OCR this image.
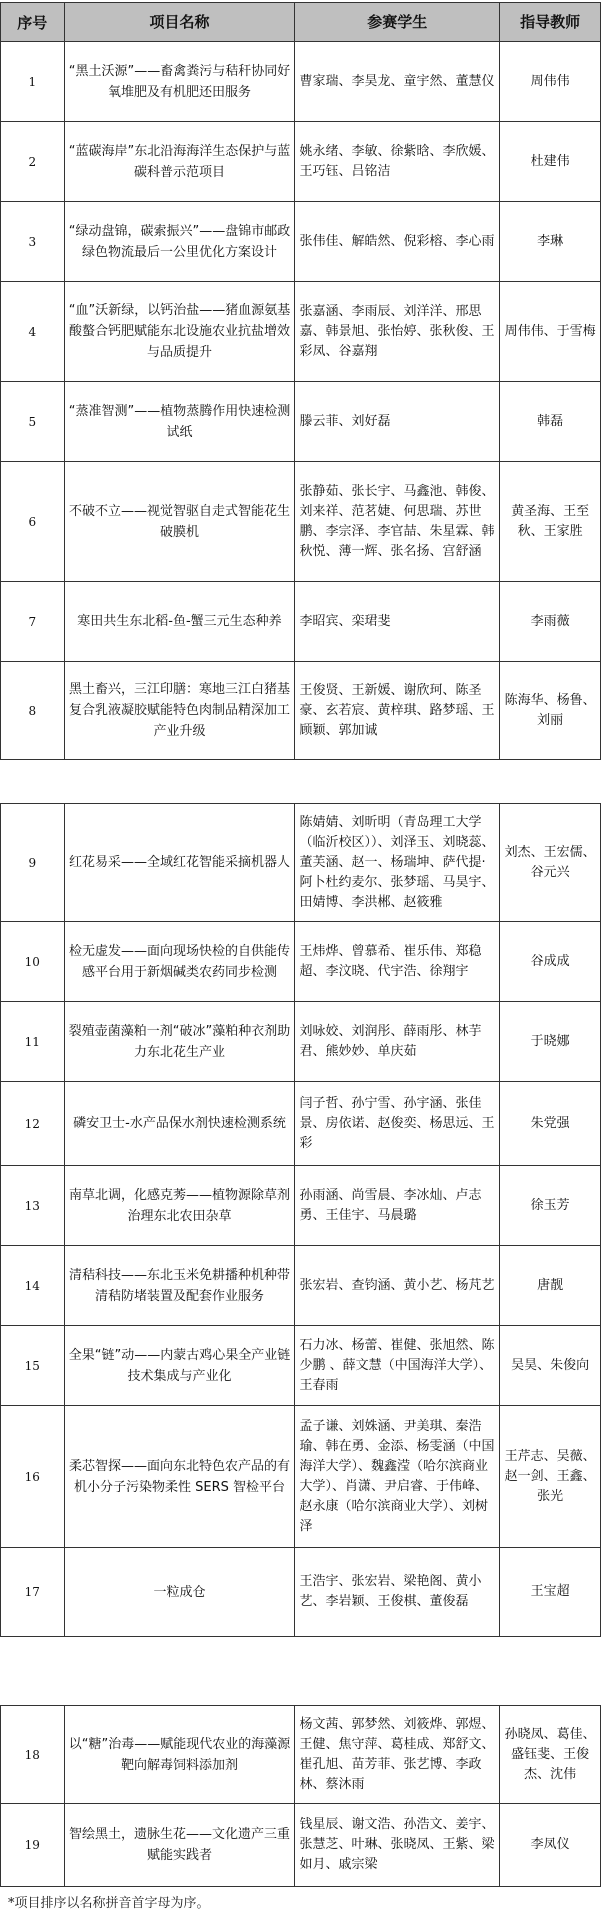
序号	项目名称	参赛学生	指导教师
1	“黑土沃源”——畜禽粪污与秸秆协同好氧堆肥及有机肥还田服务	曹家瑞、李昊龙、童宇然、董慧仪	周伟伟
2	“蓝碳海岸”东北沿海海洋生态保护与蓝碳科普示范项目	姚永绪、李敏、徐紫晗、李欣媛、王巧钰、吕铭洁	杜建伟
3	“绿动盘锦，碳索振兴”——盘锦市邮政绿色物流最后一公里优化方案设计	张伟佳、解皓然、倪彩榕、李心雨	李琳
4	“血”沃新绿，以钙治盐——猪血源氨基酸螯合钙肥赋能东北设施农业抗盐增效与品质提升	张嘉涵、李雨辰、刘洋洋、邢思嘉、韩景旭、张怡婷、张秋俊、王彩凤、谷嘉翔	周伟伟、于雪梅
5	“蒸准智测”——植物蒸腾作用快速检测试纸	滕云菲、刘好磊	韩磊
6	不破不立——视觉智驱自走式智能花生破膜机	张静茹、张长宇、马鑫池、韩俊、刘来祥、范茗婕、何思瑞、苏世鹏、李宗泽、李官喆、朱星霖、韩秋悦、薄一辉、张名扬、宫舒涵	黄圣海、王至秋、王家胜
7	寒田共生东北稻-鱼-蟹三元生态种养	李昭宾、栾珺斐	李雨薇
8	黑土畜兴，三江印膳：寒地三江白猪基复合乳液凝胶赋能特色肉制品精深加工产业升级	王俊贤、王新媛、谢欣珂、陈圣豪、玄若宸、黄梓琪、路梦瑶、王顾颖、郭加诚	陈海华、杨鲁、刘丽
9	红花易采——全域红花智能采摘机器人	陈婧婧、刘昕明（青岛理工大学（临沂校区））、刘泽玉、刘晓蕊、董芙涵、赵一、杨瑞坤、萨代提·阿卜杜约麦尔、张梦瑶、马昊宇、田婧博、李洪郴、赵筱雅	刘杰、王宏儒、谷元兴
10	检无虚发——面向现场快检的自供能传感平台用于新烟碱类农药同步检测	王炜烨、曾慕希、崔乐伟、郑稳超、李汶晓、代宇浩、徐翔宇	谷成成
11	裂殖壶菌藻粕一剂“破冰”藻粕种衣剂助力东北花生产业	刘咏姣、刘润彤、薛雨彤、林芋君、熊妙妙、单庆茹	于晓娜
12	磷安卫士-水产品保水剂快速检测系统	闫子哲、孙宁雪、孙宇涵、张佳景、房依诺、赵俊奕、杨思远、王彩	朱党强
13	南草北调，化感克莠——植物源除草剂治理东北农田杂草	孙雨涵、尚雪晨、李冰灿、卢志勇、王佳宇、马晨璐	徐玉芳
14	清秸科技——东北玉米免耕播种机种带清秸防堵装置及配套作业服务	张宏岩、查钧涵、黄小艺、杨芃艺	唐靓
15	全果“链”动——内蒙古鸡心果全产业链技术集成与产业化	石力冰、杨蕾、崔健、张旭然、陈少鹏 、薛文慧（中国海洋大学）、王春雨	吴昊、朱俊向
16	柔芯智探——面向东北特色农产品的有机小分子污染物柔性 SERS 智检平台	孟子谦、刘姝涵、尹美琪、秦浩瑜、韩在勇、金添、杨雯涵（中国海洋大学）、魏鑫滢（哈尔滨商业大学）、肖潇、尹启睿、于伟峰、赵永康（哈尔滨商业大学）、刘树泽	王芹志、吴薇、赵一剑、王鑫、张光
17	一粒成仓	王浩宇、张宏岩、梁艳阁、黄小艺、李岩颖、王俊棋、董俊磊	王宝超
18	以“糖”治毒——赋能现代农业的海藻源靶向解毒饲料添加剂	杨文茜、郭梦然、刘筱烨、郭煜、王健、焦守萍、葛桂成、郑舒文、崔孔旭、苗芳菲、张艺博、李政林、蔡沐雨	孙晓凤、葛佳、盛钰斐、王俊杰、沈伟
19	智绘黑土，遗脉生花——文化遗产三重赋能实践者	钱星辰、谢文浩、孙浩文、姜宇、张慧芝、叶琳、张晓凤、王紫、梁如月、戚宗梁	李凤仪
*项目排序以名称拼音首字母为序。
